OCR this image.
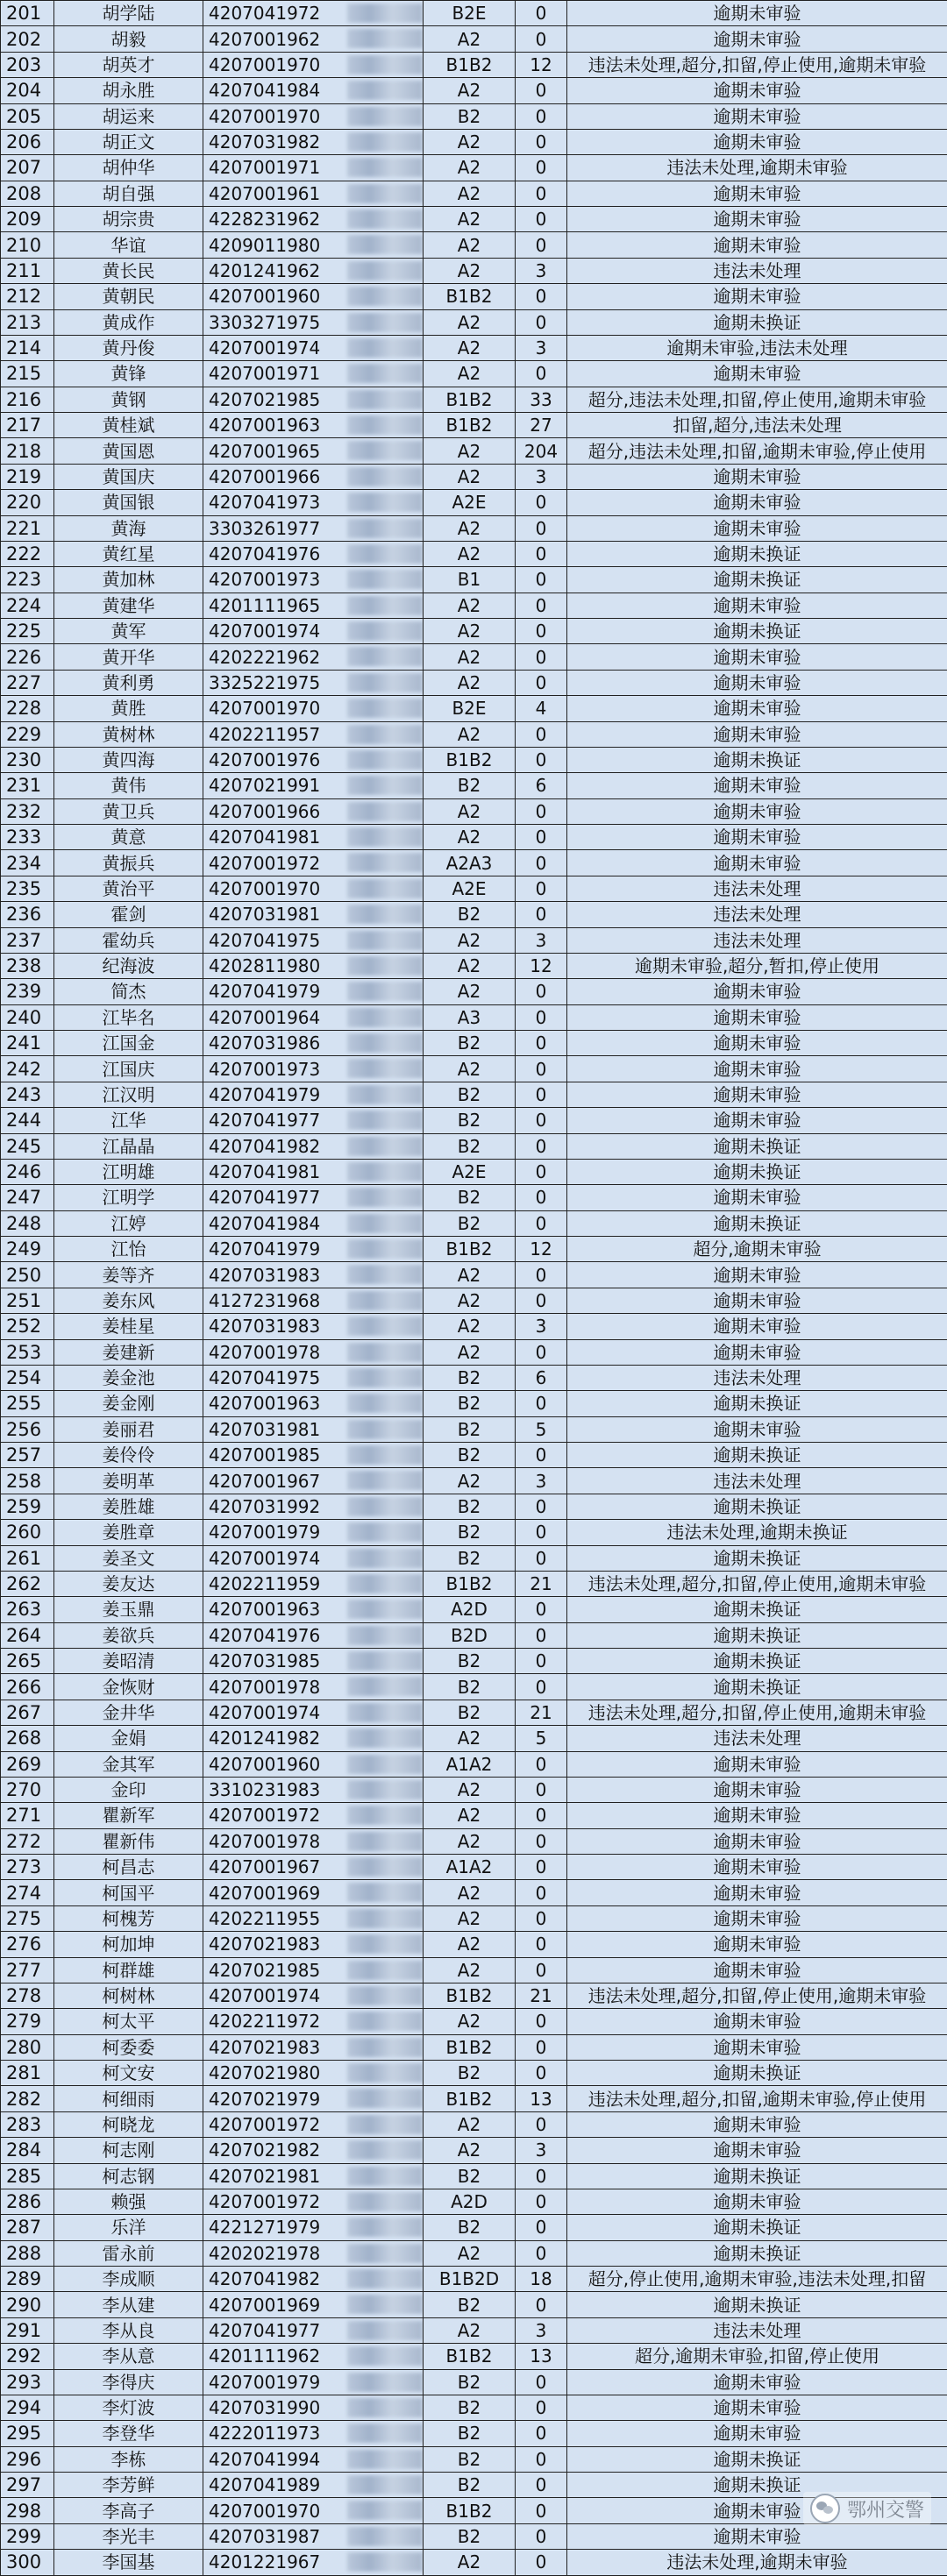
201	胡学陆	4207041972	B2E	0	逾期未审验
202	胡毅	4207001962	A2	0	逾期未审验
203	胡英才	4207001970	B1B2	12	违法未处理,超分,扣留,停止使用,逾期未审验
204	胡永胜	4207041984	A2	0	逾期未审验
205	胡运来	4207001970	B2	0	逾期未审验
206	胡正文	4207031982	A2	0	逾期未审验
207	胡仲华	4207001971	A2	0	违法未处理,逾期未审验
208	胡自强	4207001961	A2	0	逾期未审验
209	胡宗贵	4228231962	A2	0	逾期未审验
210	华谊	4209011980	A2	0	逾期未审验
211	黄长民	4201241962	A2	3	违法未处理
212	黄朝民	4207001960	B1B2	0	逾期未审验
213	黄成作	3303271975	A2	0	逾期未换证
214	黄丹俊	4207001974	A2	3	逾期未审验,违法未处理
215	黄锋	4207001971	A2	0	逾期未审验
216	黄钢	4207021985	B1B2	33	超分,违法未处理,扣留,停止使用,逾期未审验
217	黄桂斌	4207001963	B1B2	27	扣留,超分,违法未处理
218	黄国恩	4207001965	A2	204	超分,违法未处理,扣留,逾期未审验,停止使用
219	黄国庆	4207001966	A2	3	逾期未审验
220	黄国银	4207041973	A2E	0	逾期未审验
221	黄海	3303261977	A2	0	逾期未审验
222	黄红星	4207041976	A2	0	逾期未换证
223	黄加林	4207001973	B1	0	逾期未换证
224	黄建华	4201111965	A2	0	逾期未审验
225	黄军	4207001974	A2	0	逾期未换证
226	黄开华	4202221962	A2	0	逾期未审验
227	黄利勇	3325221975	A2	0	逾期未审验
228	黄胜	4207001970	B2E	4	逾期未审验
229	黄树林	4202211957	A2	0	逾期未审验
230	黄四海	4207001976	B1B2	0	逾期未换证
231	黄伟	4207021991	B2	6	逾期未审验
232	黄卫兵	4207001966	A2	0	逾期未审验
233	黄意	4207041981	A2	0	逾期未审验
234	黄振兵	4207001972	A2A3	0	逾期未审验
235	黄治平	4207001970	A2E	0	违法未处理
236	霍剑	4207031981	B2	0	违法未处理
237	霍幼兵	4207041975	A2	3	违法未处理
238	纪海波	4202811980	A2	12	逾期未审验,超分,暂扣,停止使用
239	简杰	4207041979	A2	0	逾期未审验
240	江毕名	4207001964	A3	0	逾期未审验
241	江国金	4207031986	B2	0	逾期未审验
242	江国庆	4207001973	A2	0	逾期未审验
243	江汉明	4207041979	B2	0	逾期未审验
244	江华	4207041977	B2	0	逾期未审验
245	江晶晶	4207041982	B2	0	逾期未换证
246	江明雄	4207041981	A2E	0	逾期未换证
247	江明学	4207041977	B2	0	逾期未审验
248	江婷	4207041984	B2	0	逾期未换证
249	江怡	4207041979	B1B2	12	超分,逾期未审验
250	姜等齐	4207031983	A2	0	逾期未审验
251	姜东风	4127231968	A2	0	逾期未审验
252	姜桂星	4207031983	A2	3	逾期未审验
253	姜建新	4207001978	A2	0	逾期未审验
254	姜金池	4207041975	B2	6	违法未处理
255	姜金刚	4207001963	B2	0	逾期未换证
256	姜丽君	4207031981	B2	5	逾期未审验
257	姜伶伶	4207001985	B2	0	逾期未换证
258	姜明革	4207001967	A2	3	违法未处理
259	姜胜雄	4207031992	B2	0	逾期未换证
260	姜胜章	4207001979	B2	0	违法未处理,逾期未换证
261	姜圣文	4207001974	B2	0	逾期未换证
262	姜友达	4202211959	B1B2	21	违法未处理,超分,扣留,停止使用,逾期未审验
263	姜玉鼎	4207001963	A2D	0	逾期未换证
264	姜欲兵	4207041976	B2D	0	逾期未换证
265	姜昭清	4207031985	B2	0	逾期未换证
266	金恢财	4207001978	B2	0	逾期未换证
267	金井华	4207001974	B2	21	违法未处理,超分,扣留,停止使用,逾期未审验
268	金娟	4201241982	A2	5	违法未处理
269	金其军	4207001960	A1A2	0	逾期未审验
270	金印	3310231983	A2	0	逾期未审验
271	瞿新军	4207001972	A2	0	逾期未审验
272	瞿新伟	4207001978	A2	0	逾期未审验
273	柯昌志	4207001967	A1A2	0	逾期未审验
274	柯国平	4207001969	A2	0	逾期未审验
275	柯槐芳	4202211955	A2	0	逾期未审验
276	柯加坤	4207021983	A2	0	逾期未审验
277	柯群雄	4207021985	A2	0	逾期未审验
278	柯树林	4207001974	B1B2	21	违法未处理,超分,扣留,停止使用,逾期未审验
279	柯太平	4202211972	A2	0	逾期未审验
280	柯委委	4207021983	B1B2	0	逾期未审验
281	柯文安	4207021980	B2	0	逾期未换证
282	柯细雨	4207021979	B1B2	13	违法未处理,超分,扣留,逾期未审验,停止使用
283	柯晓龙	4207001972	A2	0	逾期未审验
284	柯志刚	4207021982	A2	3	逾期未审验
285	柯志钢	4207021981	B2	0	逾期未换证
286	赖强	4207001972	A2D	0	逾期未审验
287	乐洋	4221271979	B2	0	逾期未换证
288	雷永前	4202021978	A2	0	逾期未换证
289	李成顺	4207041982	B1B2D	18	超分,停止使用,逾期未审验,违法未处理,扣留
290	李从建	4207001969	B2	0	逾期未换证
291	李从良	4207041977	A2	3	违法未处理
292	李从意	4201111962	B1B2	13	超分,逾期未审验,扣留,停止使用
293	李得庆	4207001979	B2	0	逾期未审验
294	李灯波	4207031990	B2	0	逾期未审验
295	李登华	4222011973	B2	0	逾期未审验
296	李栋	4207041994	B2	0	逾期未换证
297	李芳鲜	4207041989	B2	0	逾期未换证
298	李高子	4207001970	B1B2	0	逾期未审验
299	李光丰	4207031987	B2	0	逾期未审验
300	李国基	4201221967	A2	0	违法未处理,逾期未审验
鄂州交警
